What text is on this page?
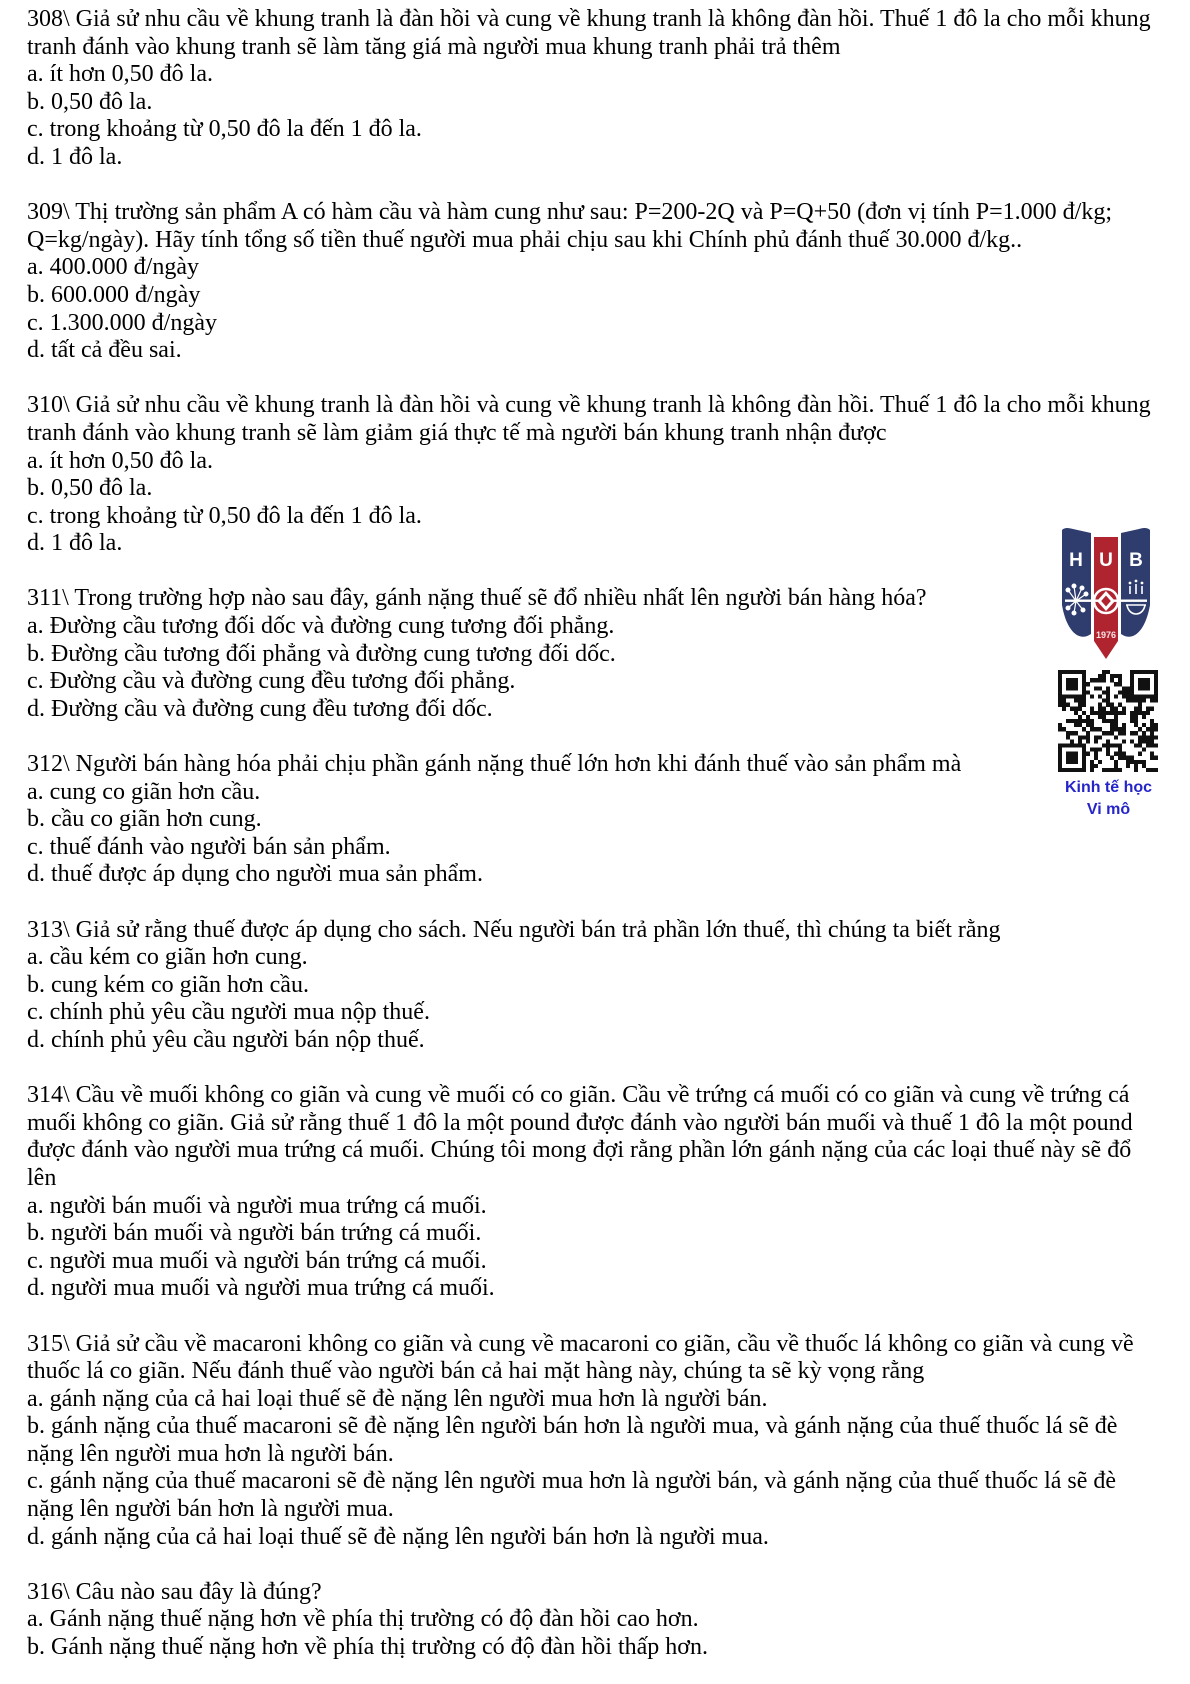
308\ Giả sử nhu cầu về khung tranh là đàn hồi và cung về khung tranh là không đàn hồi. Thuế 1 đô la cho mỗi khung
tranh đánh vào khung tranh sẽ làm tăng giá mà người mua khung tranh phải trả thêm
a. ít hơn 0,50 đô la.
b. 0,50 đô la.
c. trong khoảng từ 0,50 đô la đến 1 đô la.
d. 1 đô la.
309\ Thị trường sản phẩm A có hàm cầu và hàm cung như sau: P=200-2Q và P=Q+50 (đơn vị tính P=1.000 đ/kg;
Q=kg/ngày). Hãy tính tổng số tiền thuế người mua phải chịu sau khi Chính phủ đánh thuế 30.000 đ/kg..
a. 400.000 đ/ngày
b. 600.000 đ/ngày
c. 1.300.000 đ/ngày
d. tất cả đều sai.
310\ Giả sử nhu cầu về khung tranh là đàn hồi và cung về khung tranh là không đàn hồi. Thuế 1 đô la cho mỗi khung
tranh đánh vào khung tranh sẽ làm giảm giá thực tế mà người bán khung tranh nhận được
a. ít hơn 0,50 đô la.
b. 0,50 đô la.
c. trong khoảng từ 0,50 đô la đến 1 đô la.
d. 1 đô la.
311\ Trong trường hợp nào sau đây, gánh nặng thuế sẽ đổ nhiều nhất lên người bán hàng hóa?
a. Đường cầu tương đối dốc và đường cung tương đối phẳng.
b. Đường cầu tương đối phẳng và đường cung tương đối dốc.
c. Đường cầu và đường cung đều tương đối phẳng.
d. Đường cầu và đường cung đều tương đối dốc.
312\ Người bán hàng hóa phải chịu phần gánh nặng thuế lớn hơn khi đánh thuế vào sản phẩm mà
a. cung co giãn hơn cầu.
b. cầu co giãn hơn cung.
c. thuế đánh vào người bán sản phẩm.
d. thuế được áp dụng cho người mua sản phẩm.
313\ Giả sử rằng thuế được áp dụng cho sách. Nếu người bán trả phần lớn thuế, thì chúng ta biết rằng
a. cầu kém co giãn hơn cung.
b. cung kém co giãn hơn cầu.
c. chính phủ yêu cầu người mua nộp thuế.
d. chính phủ yêu cầu người bán nộp thuế.
314\ Cầu về muối không co giãn và cung về muối có co giãn. Cầu về trứng cá muối có co giãn và cung về trứng cá
muối không co giãn. Giả sử rằng thuế 1 đô la một pound được đánh vào người bán muối và thuế 1 đô la một pound
được đánh vào người mua trứng cá muối. Chúng tôi mong đợi rằng phần lớn gánh nặng của các loại thuế này sẽ đổ
lên
a. người bán muối và người mua trứng cá muối.
b. người bán muối và người bán trứng cá muối.
c. người mua muối và người bán trứng cá muối.
d. người mua muối và người mua trứng cá muối.
315\ Giả sử cầu về macaroni không co giãn và cung về macaroni co giãn, cầu về thuốc lá không co giãn và cung về
thuốc lá co giãn. Nếu đánh thuế vào người bán cả hai mặt hàng này, chúng ta sẽ kỳ vọng rằng
a. gánh nặng của cả hai loại thuế sẽ đè nặng lên người mua hơn là người bán.
b. gánh nặng của thuế macaroni sẽ đè nặng lên người bán hơn là người mua, và gánh nặng của thuế thuốc lá sẽ đè
nặng lên người mua hơn là người bán.
c. gánh nặng của thuế macaroni sẽ đè nặng lên người mua hơn là người bán, và gánh nặng của thuế thuốc lá sẽ đè
nặng lên người bán hơn là người mua.
d. gánh nặng của cả hai loại thuế sẽ đè nặng lên người bán hơn là người mua.
316\ Câu nào sau đây là đúng?
a. Gánh nặng thuế nặng hơn về phía thị trường có độ đàn hồi cao hơn.
b. Gánh nặng thuế nặng hơn về phía thị trường có độ đàn hồi thấp hơn.
H U B
1976
Kinh tế học
Vi mô
